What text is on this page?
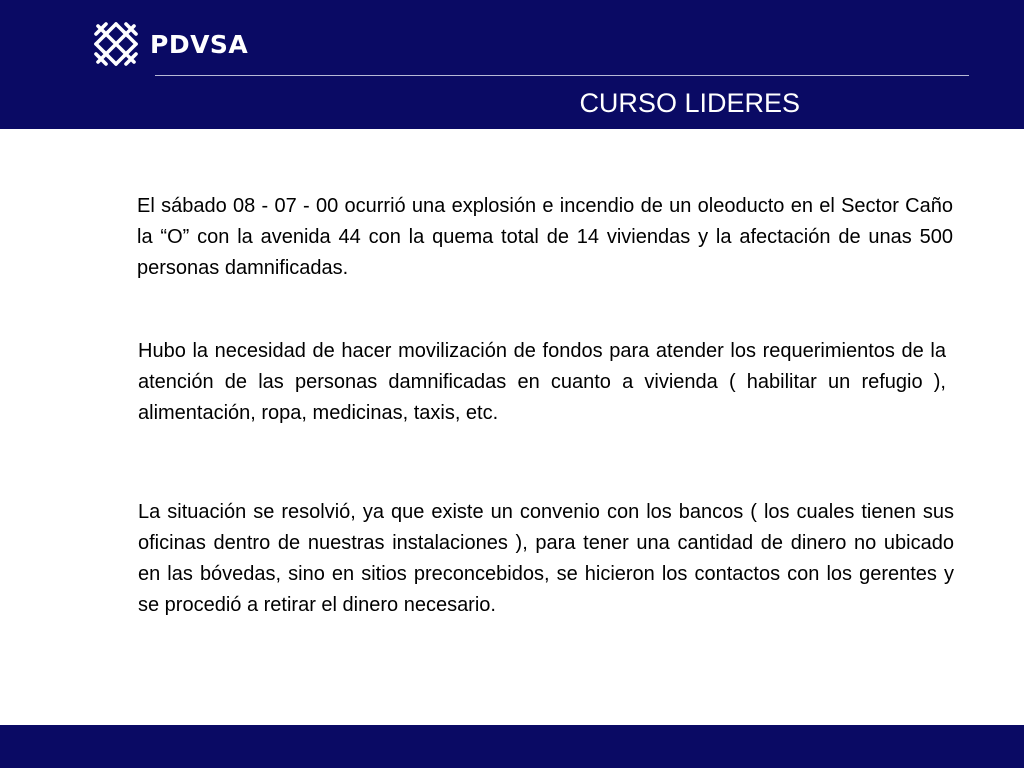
PDVSA
CURSO LIDERES

El sábado 08 - 07 - 00 ocurrió una explosión e incendio de un oleoducto en el Sector Caño la “O” con la avenida 44 con la quema total de 14 viviendas y la afectación de unas 500 personas damnificadas.

Hubo la necesidad de hacer movilización de fondos para atender los requerimientos de la atención de las personas damnificadas en cuanto a vivienda ( habilitar un refugio ), alimentación, ropa, medicinas, taxis, etc.

La situación se resolvió, ya que existe un convenio con los bancos ( los cuales tienen sus oficinas dentro de nuestras instalaciones ), para tener una cantidad de dinero no ubicado en las bóvedas, sino en sitios preconcebidos, se hicieron los contactos con los gerentes y se procedió a retirar el dinero necesario.
